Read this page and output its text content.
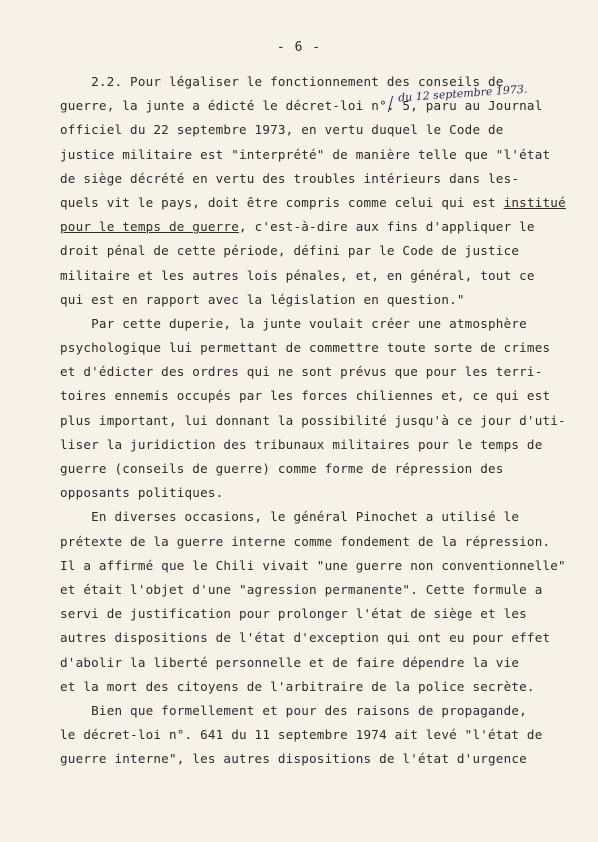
- 6 -
du 12 septembre 1973.
2.2. Pour légaliser le fonctionnement des conseils de
guerre, la junte a édicté le décret-loi n°. 5, paru au Journal
officiel du 22 septembre 1973, en vertu duquel le Code de
justice militaire est "interprété" de manière telle que "l'état
de siège décrété en vertu des troubles intérieurs dans les-
quels vit le pays, doit être compris comme celui qui est institué
pour le temps de guerre, c'est-à-dire aux fins d'appliquer le
droit pénal de cette période, défini par le Code de justice
militaire et les autres lois pénales, et, en général, tout ce
qui est en rapport avec la législation en question."
Par cette duperie, la junte voulait créer une atmosphère
psychologique lui permettant de commettre toute sorte de crimes
et d'édicter des ordres qui ne sont prévus que pour les terri-
toires ennemis occupés par les forces chiliennes et, ce qui est
plus important, lui donnant la possibilité jusqu'à ce jour d'uti-
liser la juridiction des tribunaux militaires pour le temps de
guerre (conseils de guerre) comme forme de répression des
opposants politiques.
En diverses occasions, le général Pinochet a utilisé le
prétexte de la guerre interne comme fondement de la répression.
Il a affirmé que le Chili vivait "une guerre non conventionnelle"
et était l'objet d'une "agression permanente". Cette formule a
servi de justification pour prolonger l'état de siège et les
autres dispositions de l'état d'exception qui ont eu pour effet
d'abolir la liberté personnelle et de faire dépendre la vie
et la mort des citoyens de l'arbitraire de la police secrète.
Bien que formellement et pour des raisons de propagande,
le décret-loi n°. 641 du 11 septembre 1974 ait levé "l'état de
guerre interne", les autres dispositions de l'état d'urgence
